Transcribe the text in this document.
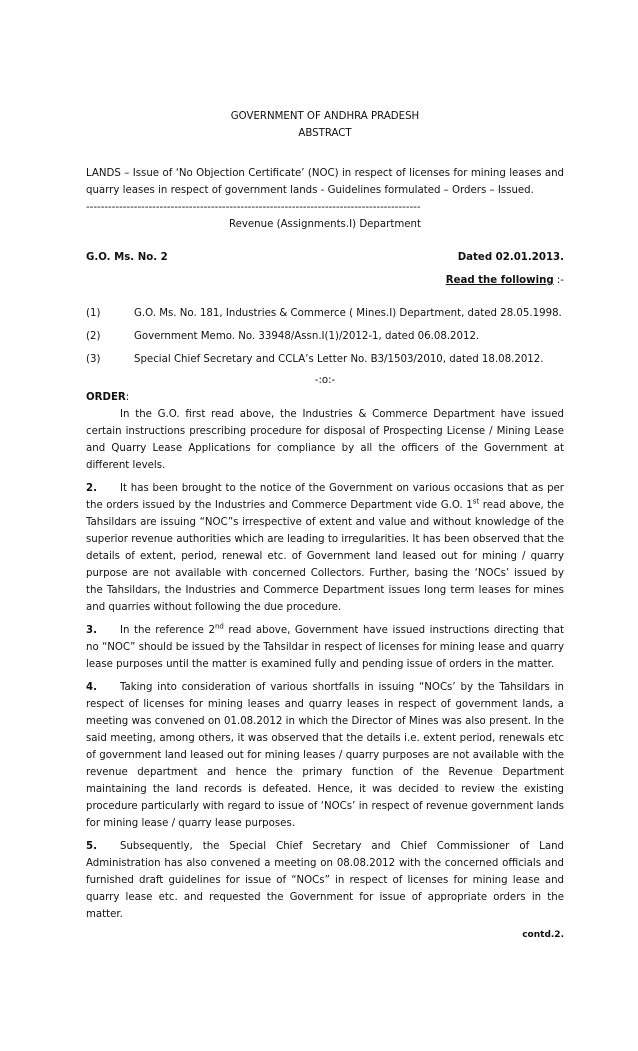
GOVERNMENT OF ANDHRA PRADESH
ABSTRACT
LANDS – Issue of ‘No Objection Certificate’ (NOC) in respect of licenses for mining leases and quarry leases in respect of government lands - Guidelines formulated – Orders – Issued.
-------------------------------------------------------------------------------------------
Revenue (Assignments.I) Department
G.O. Ms. No. 2	Dated 02.01.2013.
Read the following :-
(1)	G.O. Ms. No. 181, Industries & Commerce ( Mines.I) Department, dated 28.05.1998.
(2)	Government Memo. No. 33948/Assn.I(1)/2012-1, dated 06.08.2012.
(3)	Special Chief Secretary and CCLA’s Letter No. B3/1503/2010, dated 18.08.2012.
-:o:-
ORDER:

In the G.O. first read above, the Industries & Commerce Department have issued certain instructions prescribing procedure for disposal of Prospecting License / Mining Lease and Quarry Lease Applications for compliance by all the officers of the Government at different levels.

2. It has been brought to the notice of the Government on various occasions that as per the orders issued by the Industries and Commerce Department vide G.O. 1st read above, the Tahsildars are issuing “NOC”s irrespective of extent and value and without knowledge of the superior revenue authorities which are leading to irregularities. It has been observed that the details of extent, period, renewal etc. of Government land leased out for mining / quarry purpose are not available with concerned Collectors. Further, basing the ‘NOCs’ issued by the Tahsildars, the Industries and Commerce Department issues long term leases for mines and quarries without following the due procedure.

3. In the reference 2nd read above, Government have issued instructions directing that no “NOC” should be issued by the Tahsildar in respect of licenses for mining lease and quarry lease purposes until the matter is examined fully and pending issue of orders in the matter.

4. Taking into consideration of various shortfalls in issuing “NOCs’ by the Tahsildars in respect of licenses for mining leases and quarry leases in respect of government lands, a meeting was convened on 01.08.2012 in which the Director of Mines was also present. In the said meeting, among others, it was observed that the details i.e. extent period, renewals etc of government land leased out for mining leases / quarry purposes are not available with the revenue department and hence the primary function of the Revenue Department maintaining the land records is defeated. Hence, it was decided to review the existing procedure particularly with regard to issue of ‘NOCs’ in respect of revenue government lands for mining lease / quarry lease purposes.

5. Subsequently, the Special Chief Secretary and Chief Commissioner of Land Administration has also convened a meeting on 08.08.2012 with the concerned officials and furnished draft guidelines for issue of “NOCs” in respect of licenses for mining lease and quarry lease etc. and requested the Government for issue of appropriate orders in the matter.

contd.2.
